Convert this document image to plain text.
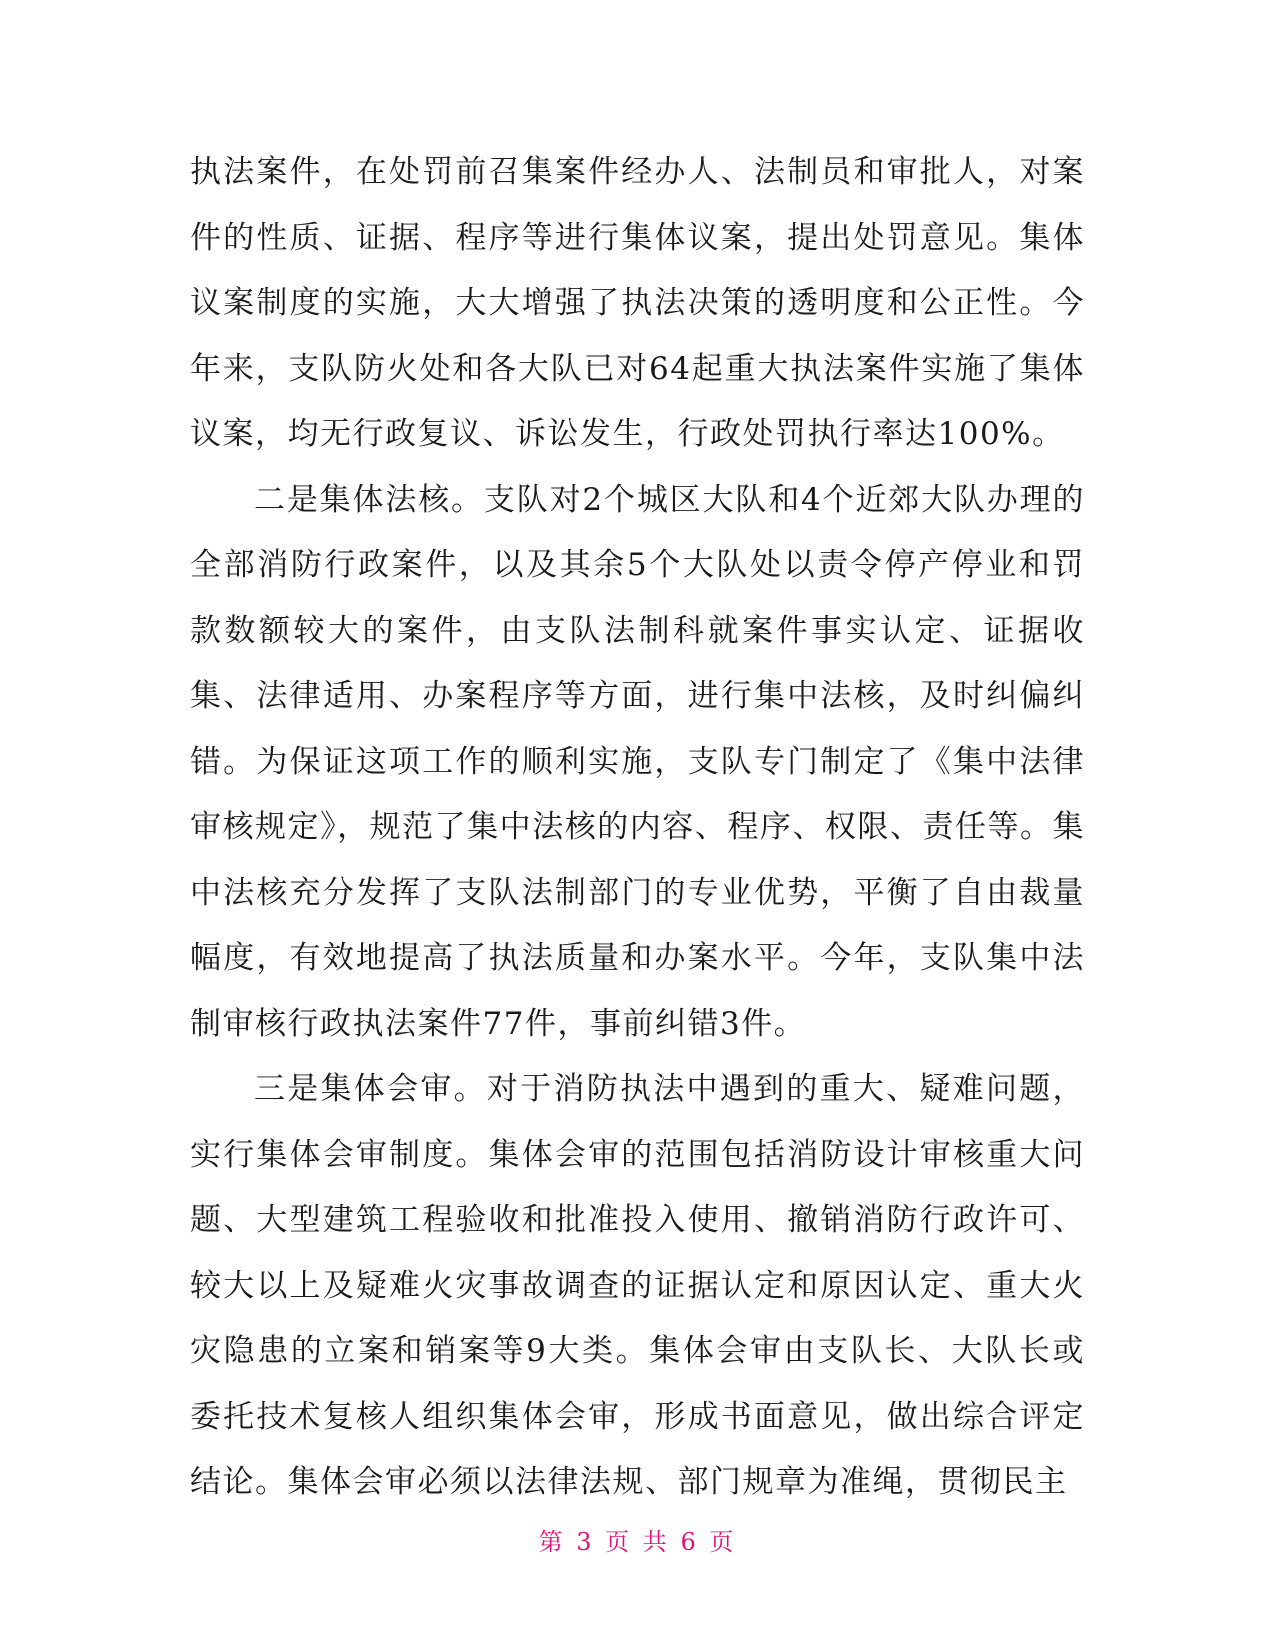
执法案件，在处罚前召集案件经办人、法制员和审批人，对案件的性质、证据、程序等进行集体议案，提出处罚意见。集体议案制度的实施，大大增强了执法决策的透明度和公正性。今年来，支队防火处和各大队已对64起重大执法案件实施了集体议案，均无行政复议、诉讼发生，行政处罚执行率达100%。

二是集体法核。支队对2个城区大队和4个近郊大队办理的全部消防行政案件，以及其余5个大队处以责令停产停业和罚款数额较大的案件，由支队法制科就案件事实认定、证据收集、法律适用、办案程序等方面，进行集中法核，及时纠偏纠错。为保证这项工作的顺利实施，支队专门制定了《集中法律审核规定》，规范了集中法核的内容、程序、权限、责任等。集中法核充分发挥了支队法制部门的专业优势，平衡了自由裁量幅度，有效地提高了执法质量和办案水平。今年，支队集中法制审核行政执法案件77件，事前纠错3件。

三是集体会审。对于消防执法中遇到的重大、疑难问题，实行集体会审制度。集体会审的范围包括消防设计审核重大问题、大型建筑工程验收和批准投入使用、撤销消防行政许可、较大以上及疑难火灾事故调查的证据认定和原因认定、重大火灾隐患的立案和销案等9大类。集体会审由支队长、大队长或委托技术复核人组织集体会审，形成书面意见，做出综合评定结论。集体会审必须以法律法规、部门规章为准绳，贯彻民主

第 3 页 共 6 页
